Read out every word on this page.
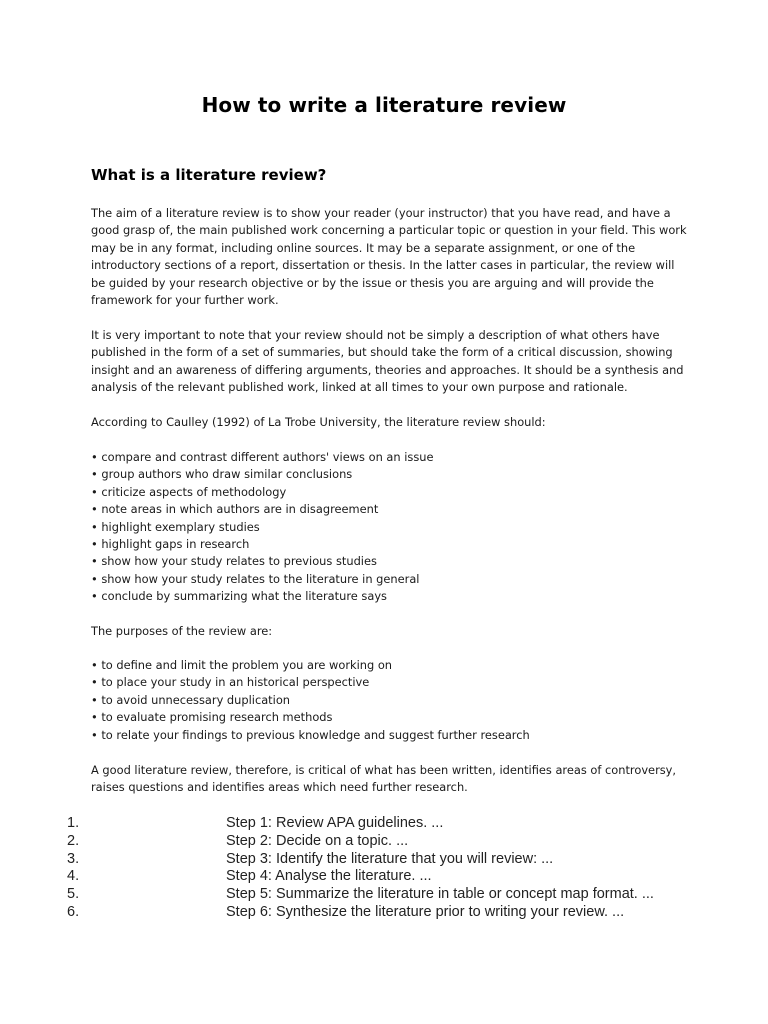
How to write a literature review
What is a literature review?

The aim of a literature review is to show your reader (your instructor) that you have read, and have a good grasp of, the main published work concerning a particular topic or question in your field. This work may be in any format, including online sources. It may be a separate assignment, or one of the introductory sections of a report, dissertation or thesis. In the latter cases in particular, the review will be guided by your research objective or by the issue or thesis you are arguing and will provide the framework for your further work.

It is very important to note that your review should not be simply a description of what others have published in the form of a set of summaries, but should take the form of a critical discussion, showing insight and an awareness of differing arguments, theories and approaches. It should be a synthesis and analysis of the relevant published work, linked at all times to your own purpose and rationale.

According to Caulley (1992) of La Trobe University, the literature review should:

• compare and contrast different authors' views on an issue
• group authors who draw similar conclusions
• criticize aspects of methodology
• note areas in which authors are in disagreement
• highlight exemplary studies
• highlight gaps in research
• show how your study relates to previous studies
• show how your study relates to the literature in general
• conclude by summarizing what the literature says

The purposes of the review are:

• to define and limit the problem you are working on
• to place your study in an historical perspective
• to avoid unnecessary duplication
• to evaluate promising research methods
• to relate your findings to previous knowledge and suggest further research

A good literature review, therefore, is critical of what has been written, identifies areas of controversy, raises questions and identifies areas which need further research.

1.	Step 1: Review APA guidelines. ...
2.	Step 2: Decide on a topic. ...
3.	Step 3: Identify the literature that you will review: ...
4.	Step 4: Analyse the literature. ...
5.	Step 5: Summarize the literature in table or concept map format. ...
6.	Step 6: Synthesize the literature prior to writing your review. ...
